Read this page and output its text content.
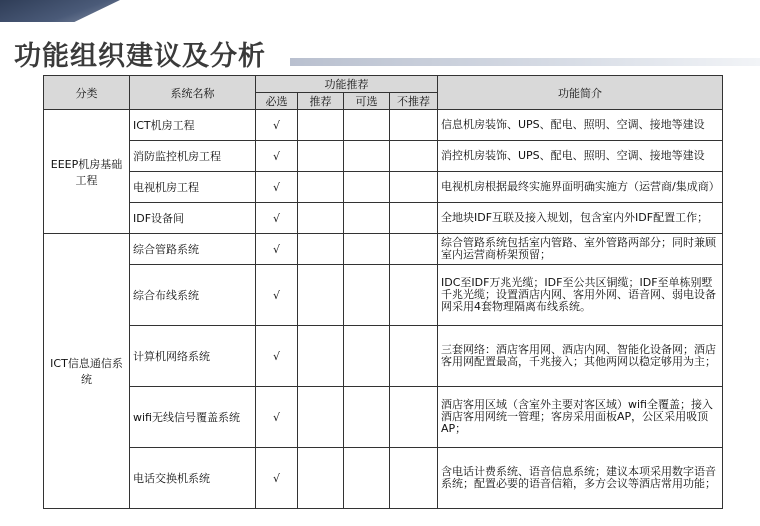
功能组织建议及分析
分类	系统名称	功能推荐				功能简介
		必选	推荐	可选	不推荐	
EEEP机房基础工程	ICT机房工程	√				信息机房装饰、UPS、配电、照明、空调、接地等建设
	消防监控机房工程	√				消控机房装饰、UPS、配电、照明、空调、接地等建设
	电视机房工程	√				电视机房根据最终实施界面明确实施方（运营商/集成商）
	IDF设备间	√				全地块IDF互联及接入规划，包含室内外IDF配置工作；
ICT信息通信系统	综合管路系统	√				综合管路系统包括室内管路、室外管路两部分；同时兼顾室内运营商桥架预留；
	综合布线系统	√				IDC至IDF万兆光缆；IDF至公共区铜缆；IDF至单栋别墅千兆光缆；设置酒店内网、客用外网、语音网、弱电设备网采用4套物理隔离布线系统。
	计算机网络系统	√				三套网络：酒店客用网、酒店内网、智能化设备网；酒店客用网配置最高，千兆接入；其他两网以稳定够用为主；
	wifi无线信号覆盖系统	√				酒店客用区域（含室外主要对客区域）wifi全覆盖；接入酒店客用网统一管理；客房采用面板AP，公区采用吸顶AP；
	电话交换机系统	√				含电话计费系统、语音信息系统；建议本项采用数字语音系统；配置必要的语音信箱，多方会议等酒店常用功能；
